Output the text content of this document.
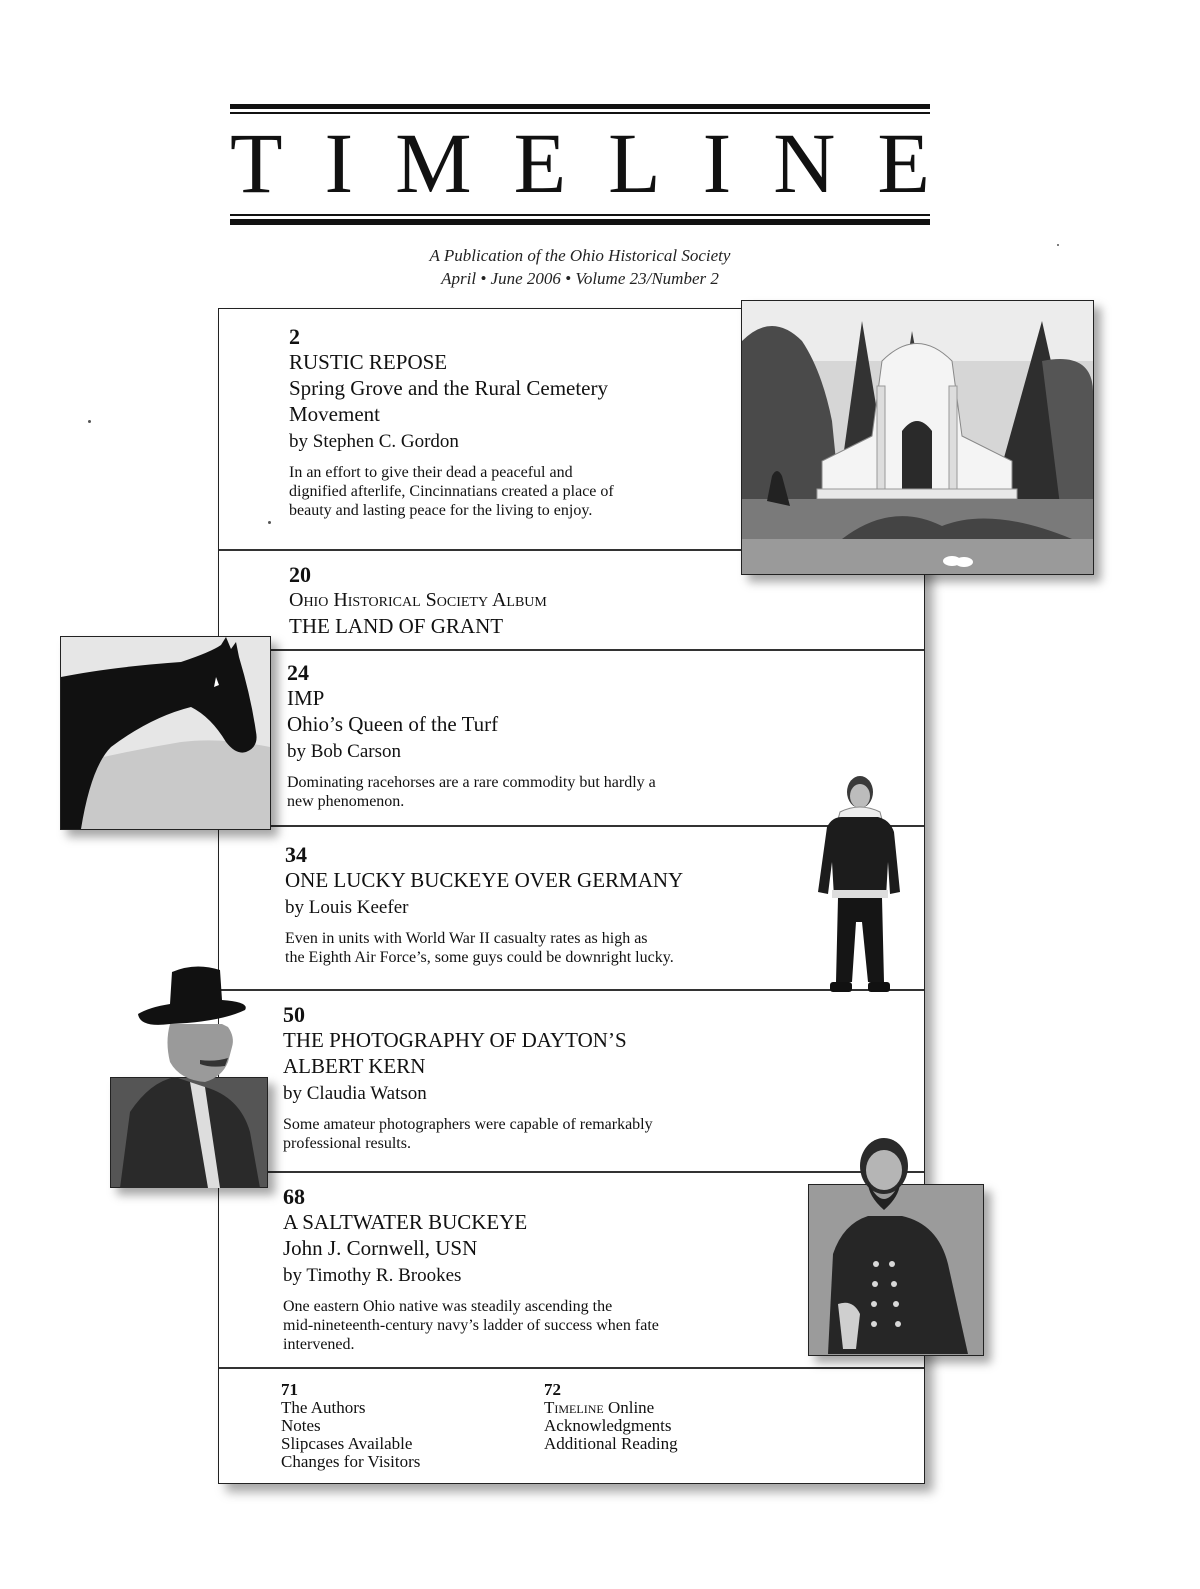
T I M E L I N E
A Publication of the Ohio Historical Society
April • June 2006 • Volume 23/Number 2
2
RUSTIC REPOSE
Spring Grove and the Rural Cemetery
Movement
by Stephen C. Gordon
In an effort to give their dead a peaceful and
dignified afterlife, Cincinnatians created a place of
beauty and lasting peace for the living to enjoy.
20
Ohio Historical Society Album
THE LAND OF GRANT
24
IMP
Ohio’s Queen of the Turf
by Bob Carson
Dominating racehorses are a rare commodity but hardly a
new phenomenon.
34
ONE LUCKY BUCKEYE OVER GERMANY
by Louis Keefer
Even in units with World War II casualty rates as high as
the Eighth Air Force’s, some guys could be downright lucky.
50
THE PHOTOGRAPHY OF DAYTON’S
ALBERT KERN
by Claudia Watson
Some amateur photographers were capable of remarkably
professional results.
68
A SALTWATER BUCKEYE
John J. Cornwell, USN
by Timothy R. Brookes
One eastern Ohio native was steadily ascending the
mid-nineteenth-century navy’s ladder of success when fate
intervened.
71
The Authors
Notes
Slipcases Available
Changes for Visitors
72
Timeline Online
Acknowledgments
Additional Reading
